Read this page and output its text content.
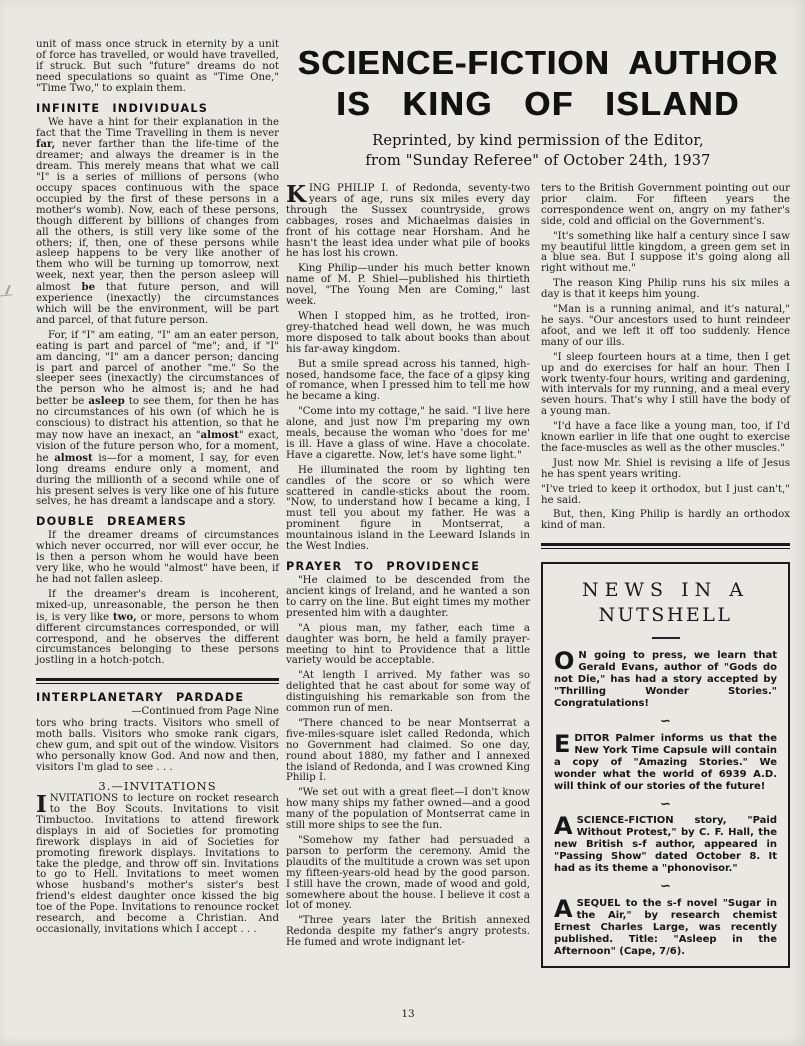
unit of mass once struck in eternity by a unit of force has travelled, or would have travelled, if struck. But such "future" dreams do not need speculations so quaint as "Time One," "Time Two," to explain them.

INFINITE INDIVIDUALS

We have a hint for their explanation in the fact that the Time Travelling in them is never far, never farther than the life-time of the dreamer; and always the dreamer is in the dream. This merely means that what we call "I" is a series of millions of persons (who occupy spaces continuous with the space occupied by the first of these persons in a mother's womb). Now, each of these persons, though different by billions of changes from all the others, is still very like some of the others; if, then, one of these persons while asleep happens to be very like another of them who will be turning up tomorrow, next week, next year, then the person asleep will almost be that future person, and will experience (inexactly) the circumstances which will be the environment, will be part and parcel, of that future person.

For, if "I" am eating, "I" am an eater person, eating is part and parcel of "me"; and, if "I" am dancing, "I" am a dancer person; dancing is part and parcel of another "me." So the sleeper sees (inexactly) the circumstances of the person who he almost is; and he had better be asleep to see them, for then he has no circumstances of his own (of which he is conscious) to distract his attention, so that he may now have an inexact, an "almost" exact, vision of the future person who, for a moment, he almost is—for a moment, I say, for even long dreams endure only a moment, and during the millionth of a second while one of his present selves is very like one of his future selves, he has dreamt a landscape and a story.

DOUBLE DREAMERS

If the dreamer dreams of circumstances which never occurred, nor will ever occur, he is then a person whom he would have been very like, who he would "almost" have been, if he had not fallen asleep.

If the dreamer's dream is incoherent, mixed-up, unreasonable, the person he then is, is very like two, or more, persons to whom different circumstances corresponded, or will correspond, and he observes the different circumstances belonging to these persons jostling in a hotch-potch.

INTERPLANETARY PARDADE

—Continued from Page Nine

tors who bring tracts. Visitors who smell of moth balls. Visitors who smoke rank cigars, chew gum, and spit out of the window. Visitors who personally know God. And now and then, visitors I'm glad to see . . .

3.—INVITATIONS

INVITATIONS to lecture on rocket research to the Boy Scouts. Invitations to visit Timbuctoo. Invitations to attend firework displays in aid of Societies for promoting firework displays in aid of Societies for promoting firework displays. Invitations to take the pledge, and throw off sin. Invitations to go to Hell. Invitations to meet women whose husband's mother's sister's best friend's eldest daughter once kissed the big toe of the Pope. Invitations to renounce rocket research, and become a Christian. And occasionally, invitations which I accept . . .

SCIENCE-FICTION AUTHOR
IS KING OF ISLAND
Reprinted, by kind permission of the Editor,
from "Sunday Referee" of October 24th, 1937

KING PHILIP I. of Redonda, seventy-two years of age, runs six miles every day through the Sussex countryside, grows cabbages, roses and Michaelmas daisies in front of his cottage near Horsham. And he hasn't the least idea under what pile of books he has lost his crown.

King Philip—under his much better known name of M. P. Shiel—published his thirtieth novel, "The Young Men are Coming," last week.

When I stopped him, as he trotted, iron-grey-thatched head well down, he was much more disposed to talk about books than about his far-away kingdom.

But a smile spread across his tanned, high-nosed, handsome face, the face of a gipsy king of romance, when I pressed him to tell me how he became a king.

"Come into my cottage," he said. "I live here alone, and just now I'm preparing my own meals, because the woman who 'does for me' is ill. Have a glass of wine. Have a chocolate. Have a cigarette. Now, let's have some light."

He illuminated the room by lighting ten candles of the score or so which were scattered in candle-sticks about the room. "Now, to understand how I became a king, I must tell you about my father. He was a prominent figure in Montserrat, a mountainous island in the Leeward Islands in the West Indies.

PRAYER TO PROVIDENCE

"He claimed to be descended from the ancient kings of Ireland, and he wanted a son to carry on the line. But eight times my mother presented him with a daughter.

"A pious man, my father, each time a daughter was born, he held a family prayer-meeting to hint to Providence that a little variety would be acceptable.

"At length I arrived. My father was so delighted that he cast about for some way of distinguishing his remarkable son from the common run of men.

"There chanced to be near Montserrat a five-miles-square islet called Redonda, which no Government had claimed. So one day, round about 1880, my father and I annexed the island of Redonda, and I was crowned King Philip I.

"We set out with a great fleet—I don't know how many ships my father owned—and a good many of the population of Montserrat came in still more ships to see the fun.

"Somehow my father had persuaded a parson to perform the ceremony. Amid the plaudits of the multitude a crown was set upon my fifteen-years-old head by the good parson. I still have the crown, made of wood and gold, somewhere about the house. I believe it cost a lot of money.

"Three years later the British annexed Redonda despite my father's angry protests. He fumed and wrote indignant let-

ters to the British Government pointing out our prior claim. For fifteen years the correspondence went on, angry on my father's side, cold and official on the Government's.

"It's something like half a century since I saw my beautiful little kingdom, a green gem set in a blue sea. But I suppose it's going along all right without me."

The reason King Philip runs his six miles a day is that it keeps him young.

"Man is a running animal, and it's natural," he says. "Our ancestors used to hunt reindeer afoot, and we left it off too suddenly. Hence many of our ills.

"I sleep fourteen hours at a time, then I get up and do exercises for half an hour. Then I work twenty-four hours, writing and gardening, with intervals for my running, and a meal every seven hours. That's why I still have the body of a young man.

"I'd have a face like a young man, too, if I'd known earlier in life that one ought to exercise the face-muscles as well as the other muscles."

Just now Mr. Shiel is revising a life of Jesus he has spent years writing.

"I've tried to keep it orthodox, but I just can't," he said.

But, then, King Philip is hardly an orthodox kind of man.

NEWS IN A
NUTSHELL
O N going to press, we learn that Gerald Evans, author of "Gods do not Die," has had a story accepted by "Thrilling Wonder Stories." Congratulations!
∽
EDITOR Palmer informs us that the New York Time Capsule will contain a copy of "Amazing Stories." We wonder what the world of 6939 A.D. will think of our stories of the future!
∽
ASCIENCE-FICTION story, "Paid Without Protest," by C. F. Hall, the new British s-f author, appeared in "Passing Show" dated October 8. It had as its theme a "phonovisor."
∽
ASEQUEL to the s-f novel "Sugar in the Air," by research chemist Ernest Charles Large, was recently published. Title: "Asleep in the Afternoon" (Cape, 7/6).
13
